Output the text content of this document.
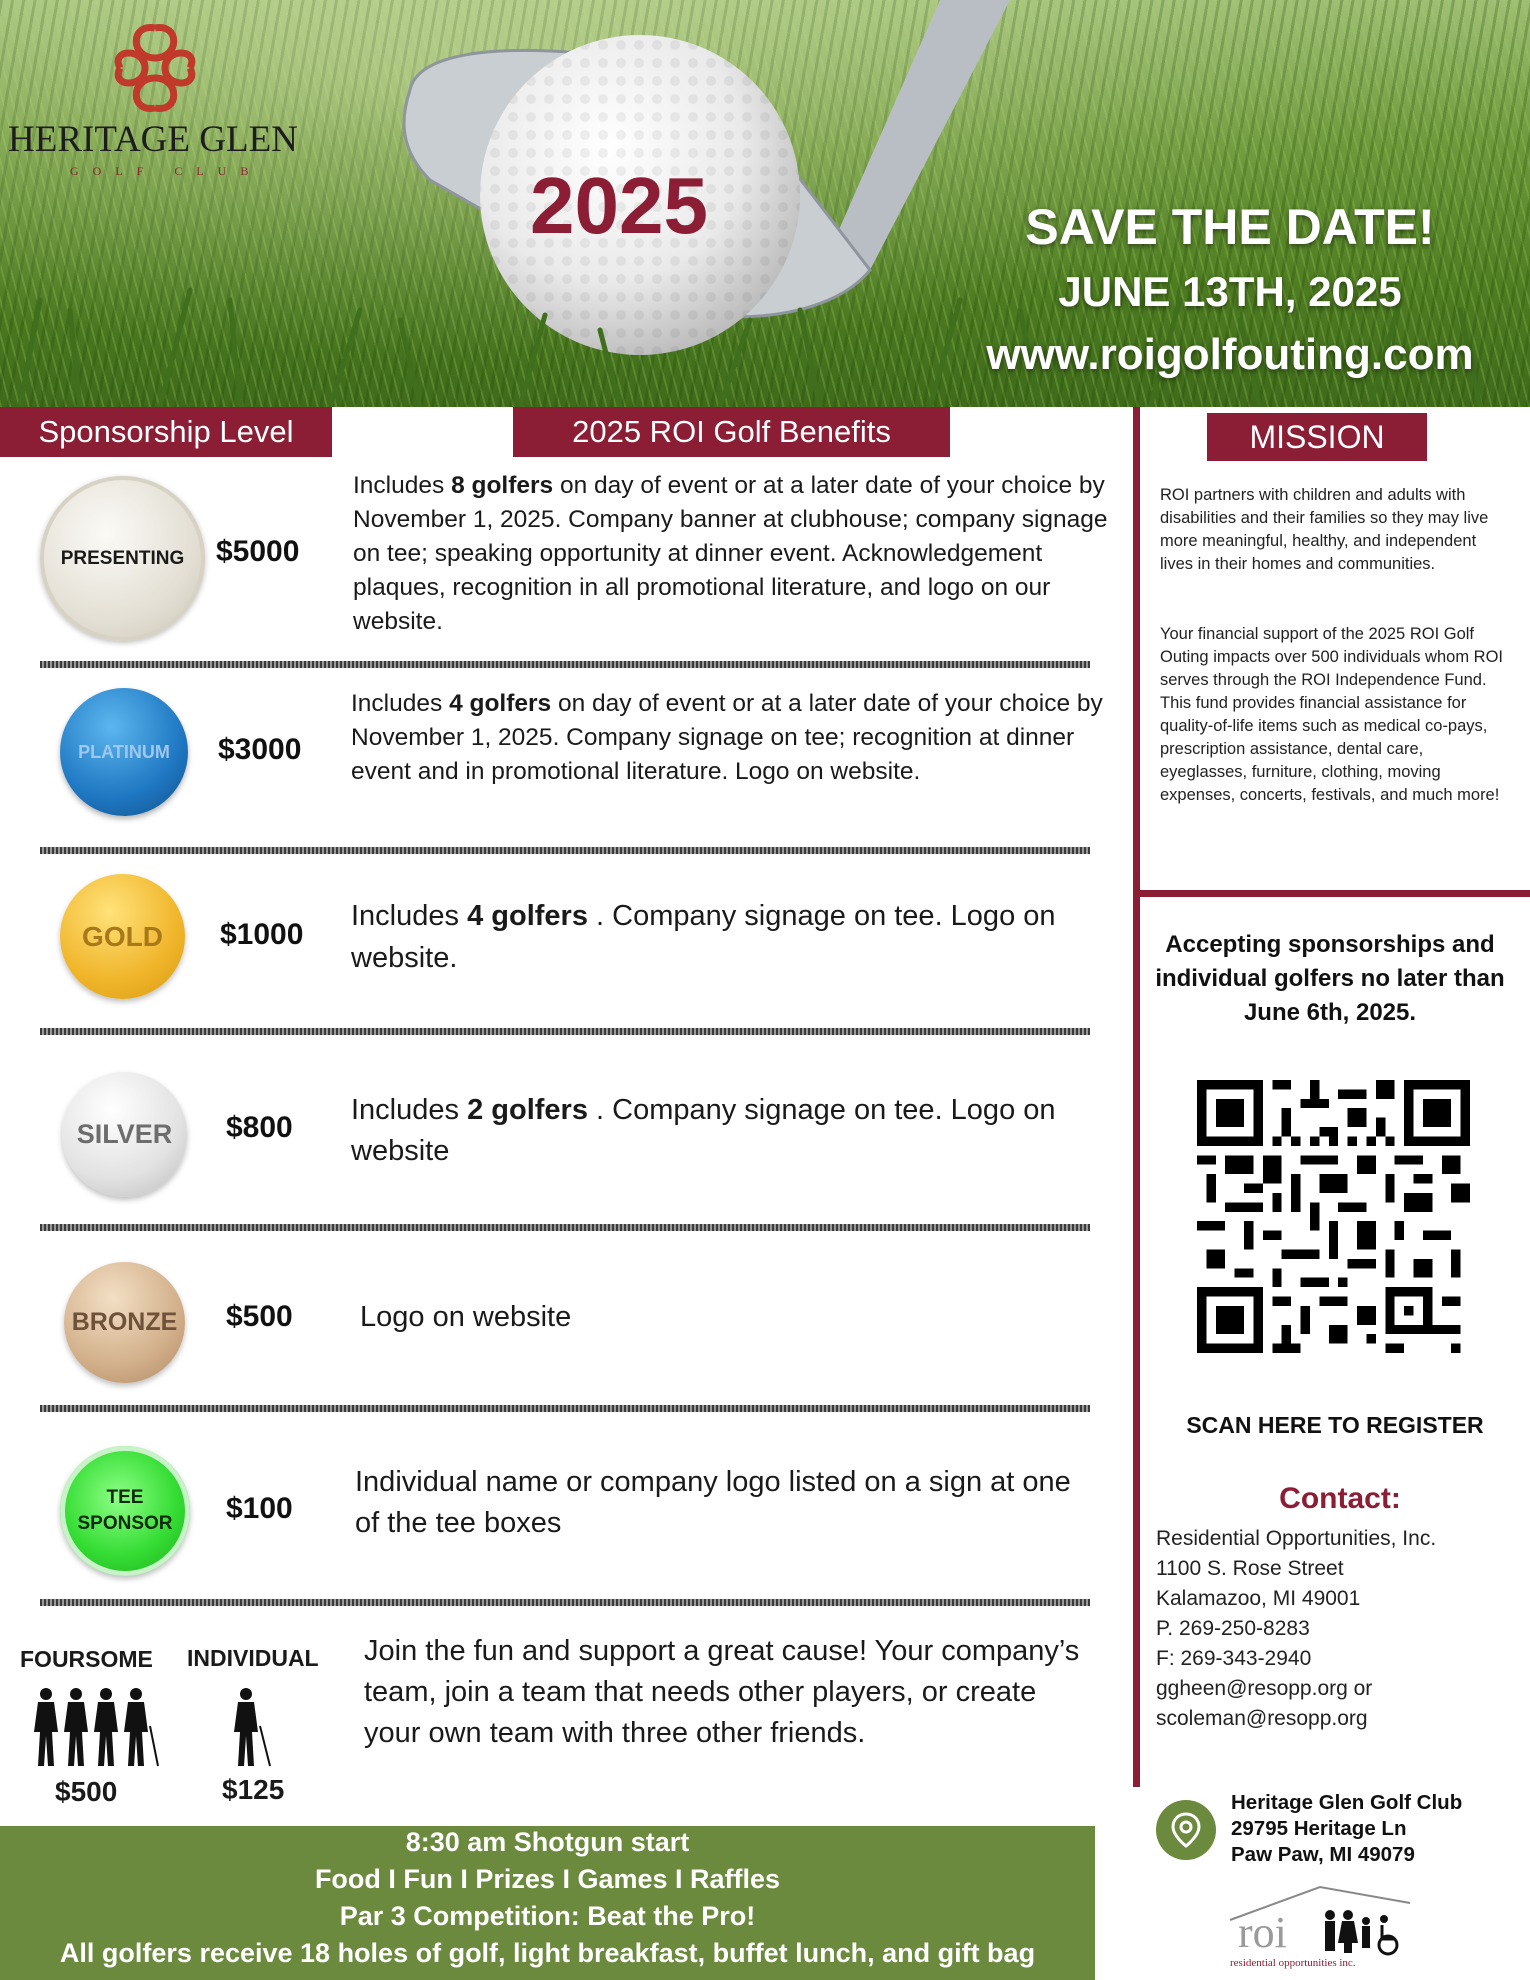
HERITAGE GLEN
GOLF CLUB	2025	SAVE THE DATE!
JUNE 13TH, 2025
www.roigolfouting.com
Sponsorship Level	2025 ROI Golf Benefits	MISSION
PRESENTING $5000
Includes 8 golfers on day of event or at a later date of your choice by November 1, 2025. Company banner at clubhouse; company signage on tee; speaking opportunity at dinner event. Acknowledgement plaques, recognition in all promotional literature, and logo on our website.
PLATINUM $3000
Includes 4 golfers on day of event or at a later date of your choice by November 1, 2025. Company signage on tee; recognition at dinner event and in promotional literature. Logo on website.
GOLD $1000
Includes 4 golfers . Company signage on tee. Logo on website.
SILVER $800
Includes 2 golfers . Company signage on tee. Logo on website
BRONZE $500 Logo on website
TEE
SPONSOR $100
Individual name or company logo listed on a sign at one of the tee boxes
FOURSOME INDIVIDUAL
$500	$125
Join the fun and support a great cause! Your company’s team, join a team that needs other players, or create your own team with three other friends.
8:30 am Shotgun start
Food I Fun I Prizes I Games I Raffles
Par 3 Competition: Beat the Pro!
All golfers receive 18 holes of golf, light breakfast, buffet lunch, and gift bag
ROI partners with children and adults with disabilities and their families so they may live more meaningful, healthy, and independent lives in their homes and communities.
Your financial support of the 2025 ROI Golf Outing impacts over 500 individuals whom ROI serves through the ROI Independence Fund. This fund provides financial assistance for quality-of-life items such as medical co-pays, prescription assistance, dental care, eyeglasses, furniture, clothing, moving expenses, concerts, festivals, and much more!
Accepting sponsorships and individual golfers no later than June 6th, 2025.
SCAN HERE TO REGISTER
Contact:
Residential Opportunities, Inc.
1100 S. Rose Street
Kalamazoo, MI 49001
P. 269-250-8283
F: 269-343-2940
ggheen@resopp.org or
scoleman@resopp.org
Heritage Glen Golf Club
29795 Heritage Ln
Paw Paw, MI 49079
roi
residential opportunities inc.
